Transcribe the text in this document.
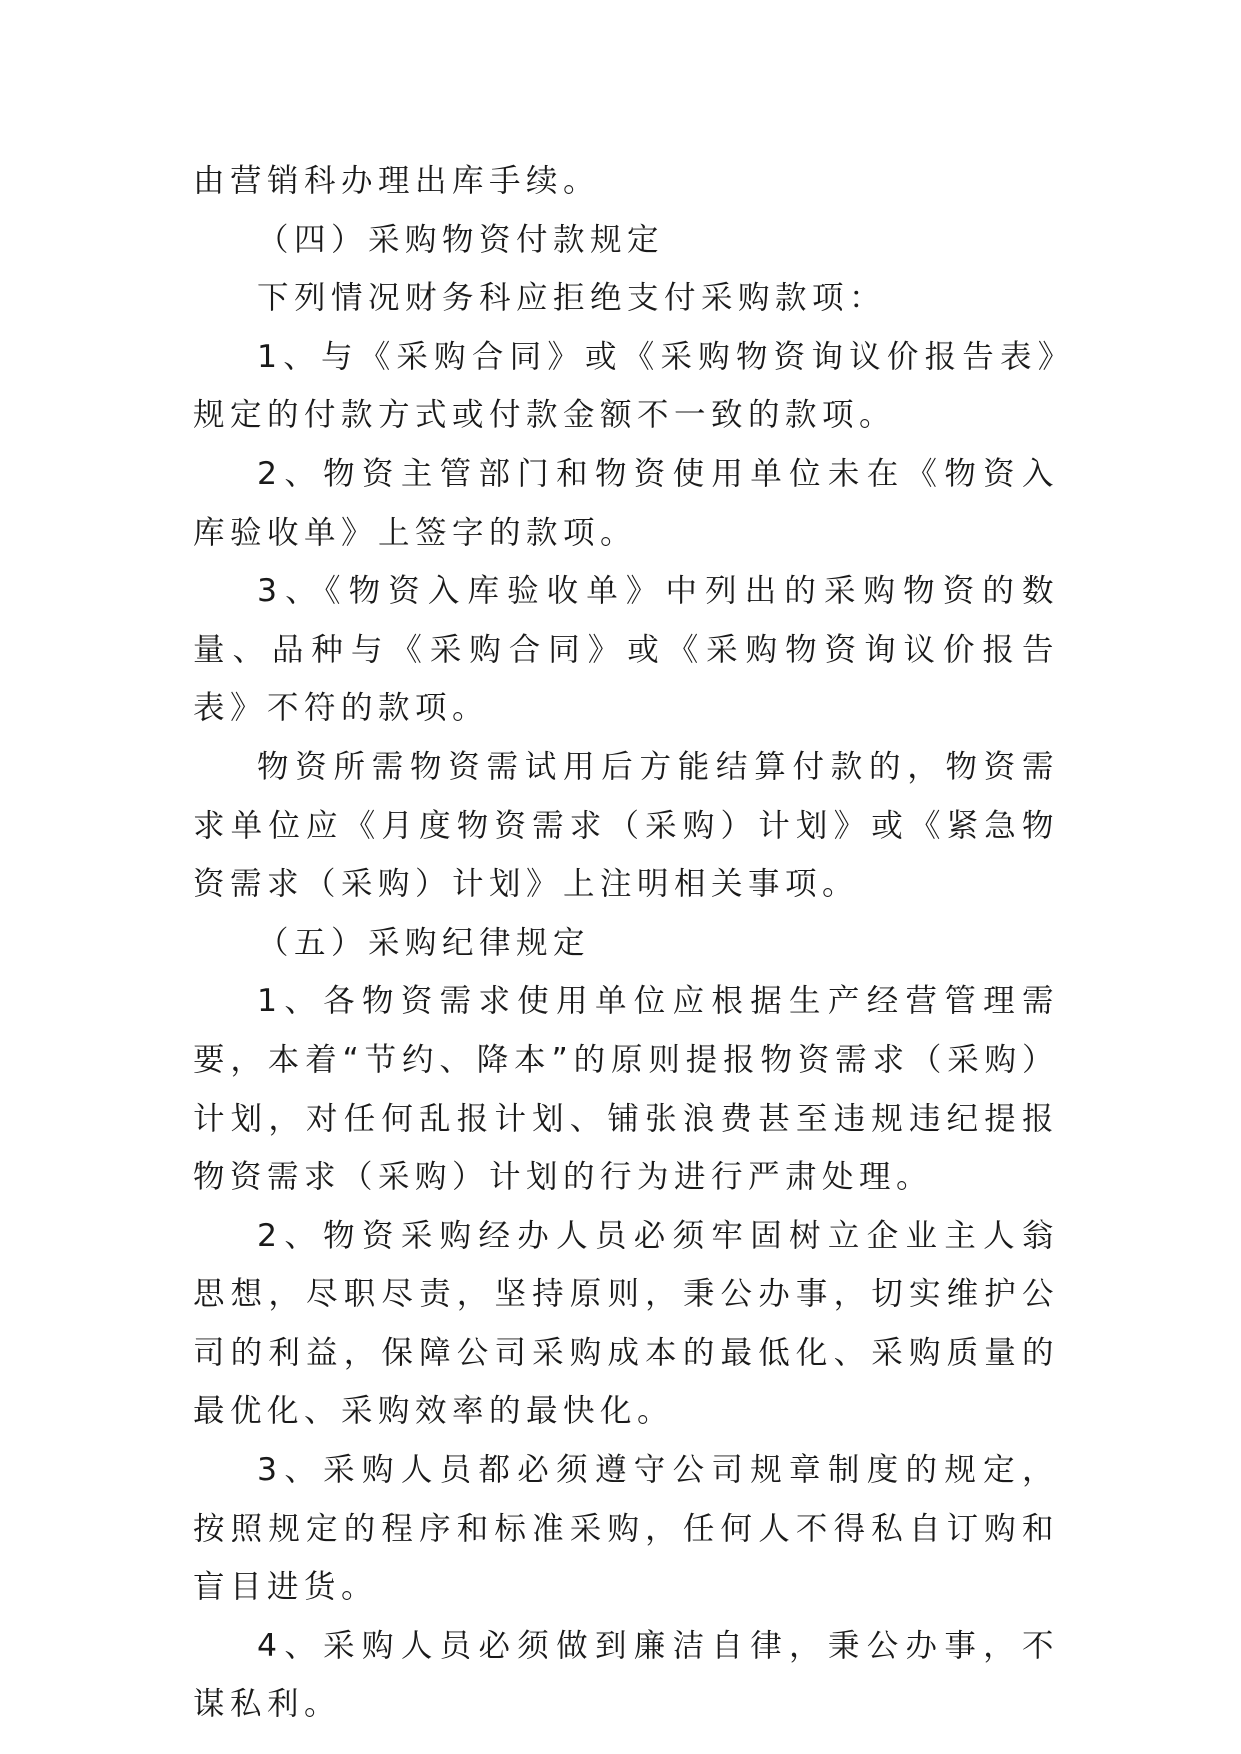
由营销科办理出库手续。

（四）采购物资付款规定

下列情况财务科应拒绝支付采购款项：

1、与《采购合同》或《采购物资询议价报告表》规定的付款方式或付款金额不一致的款项。

2、物资主管部门和物资使用单位未在《物资入库验收单》上签字的款项。

3、《物资入库验收单》中列出的采购物资的数量、品种与《采购合同》或《采购物资询议价报告表》不符的款项。

物资所需物资需试用后方能结算付款的，物资需求单位应《月度物资需求（采购）计划》或《紧急物资需求（采购）计划》上注明相关事项。

（五）采购纪律规定

1、各物资需求使用单位应根据生产经营管理需要，本着“节约、降本”的原则提报物资需求（采购）计划，对任何乱报计划、铺张浪费甚至违规违纪提报物资需求（采购）计划的行为进行严肃处理。

2、物资采购经办人员必须牢固树立企业主人翁思想，尽职尽责，坚持原则，秉公办事，切实维护公司的利益，保障公司采购成本的最低化、采购质量的最优化、采购效率的最快化。

3、采购人员都必须遵守公司规章制度的规定，按照规定的程序和标准采购，任何人不得私自订购和盲目进货。

4、采购人员必须做到廉洁自律，秉公办事，不谋私利。
